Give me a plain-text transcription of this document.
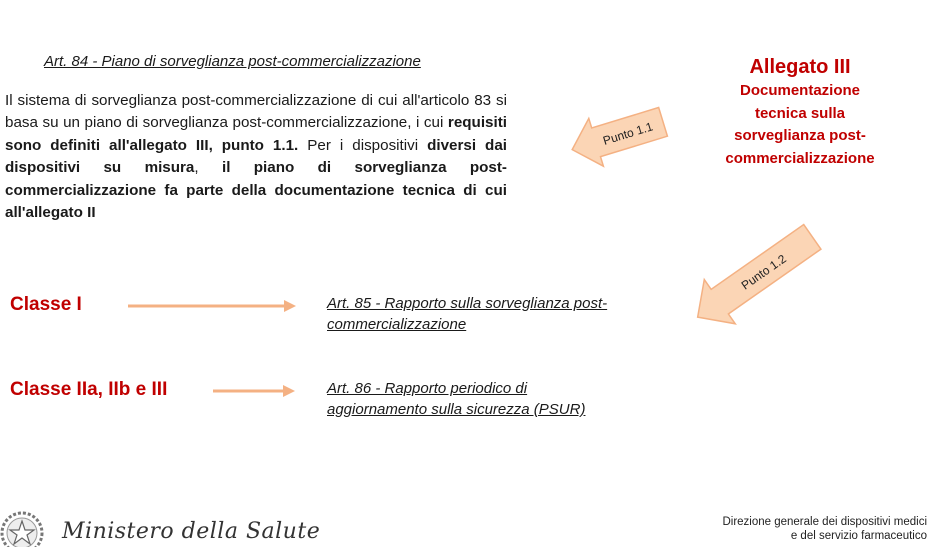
Art. 84 - Piano di sorveglianza post-commercializzazione
Il sistema di sorveglianza post-commercializzazione di cui all'articolo 83 si basa su un piano di sorveglianza post-commercializzazione, i cui requisiti sono definiti all'allegato III, punto 1.1. Per i dispositivi diversi dai dispositivi su misura, il piano di sorveglianza post-commercializzazione fa parte della documentazione tecnica di cui all'allegato II
Allegato III
Documentazione
tecnica sulla
sorveglianza post-
commercializzazione
Punto 1.1
Punto 1.2
Classe I	Art. 85 - Rapporto sulla sorveglianza post-
commercializzazione
Classe IIa, IIb e III	Art. 86 - Rapporto periodico di
aggiornamento sulla sicurezza (PSUR)
Ministero della Salute	Direzione generale dei dispositivi medici
e del servizio farmaceutico
